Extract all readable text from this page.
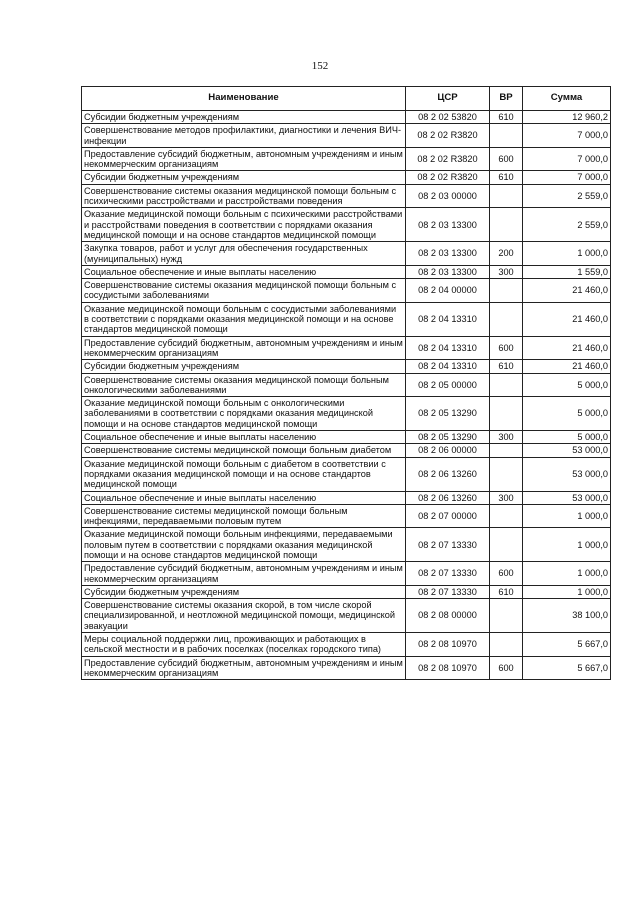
152
Наименование	ЦСР	ВР	Сумма
Субсидии бюджетным учреждениям	08 2 02 53820	610	12 960,2
Совершенствование методов профилактики, диагностики и лечения ВИЧ-инфекции	08 2 02 R3820		7 000,0
Предоставление субсидий бюджетным, автономным учреждениям и иным некоммерческим организациям	08 2 02 R3820	600	7 000,0
Субсидии бюджетным учреждениям	08 2 02 R3820	610	7 000,0
Совершенствование системы оказания медицинской помощи больным с психическими расстройствами и расстройствами поведения	08 2 03 00000		2 559,0
Оказание медицинской помощи больным с психическими расстройствами и расстройствами поведения в соответствии с порядками оказания медицинской помощи и на основе стандартов медицинской помощи	08 2 03 13300		2 559,0
Закупка товаров, работ и услуг для обеспечения государственных (муниципальных) нужд	08 2 03 13300	200	1 000,0
Социальное обеспечение и иные выплаты населению	08 2 03 13300	300	1 559,0
Совершенствование системы оказания медицинской помощи больным с сосудистыми заболеваниями	08 2 04 00000		21 460,0
Оказание медицинской помощи больным с сосудистыми заболеваниями в соответствии с порядками оказания медицинской помощи и на основе стандартов медицинской помощи	08 2 04 13310		21 460,0
Предоставление субсидий бюджетным, автономным учреждениям и иным некоммерческим организациям	08 2 04 13310	600	21 460,0
Субсидии бюджетным учреждениям	08 2 04 13310	610	21 460,0
Совершенствование системы оказания медицинской помощи больным онкологическими заболеваниями	08 2 05 00000		5 000,0
Оказание медицинской помощи больным с онкологическими заболеваниями в соответствии с порядками оказания медицинской помощи и на основе стандартов медицинской помощи	08 2 05 13290		5 000,0
Социальное обеспечение и иные выплаты населению	08 2 05 13290	300	5 000,0
Совершенствование системы медицинской помощи больным диабетом	08 2 06 00000		53 000,0
Оказание медицинской помощи больным с диабетом в соответствии с порядками оказания медицинской помощи и на основе стандартов медицинской помощи	08 2 06 13260		53 000,0
Социальное обеспечение и иные выплаты населению	08 2 06 13260	300	53 000,0
Совершенствование системы медицинской помощи больным инфекциями, передаваемыми половым путем	08 2 07 00000		1 000,0
Оказание медицинской помощи больным инфекциями, передаваемыми половым путем в соответствии с порядками оказания медицинской помощи и на основе стандартов медицинской помощи	08 2 07 13330		1 000,0
Предоставление субсидий бюджетным, автономным учреждениям и иным некоммерческим организациям	08 2 07 13330	600	1 000,0
Субсидии бюджетным учреждениям	08 2 07 13330	610	1 000,0
Совершенствование системы оказания скорой, в том числе скорой специализированной, и неотложной медицинской помощи, медицинской эвакуации	08 2 08 00000		38 100,0
Меры социальной поддержки лиц, проживающих и работающих в сельской местности и в рабочих поселках (поселках городского типа)	08 2 08 10970		5 667,0
Предоставление субсидий бюджетным, автономным учреждениям и иным некоммерческим организациям	08 2 08 10970	600	5 667,0
